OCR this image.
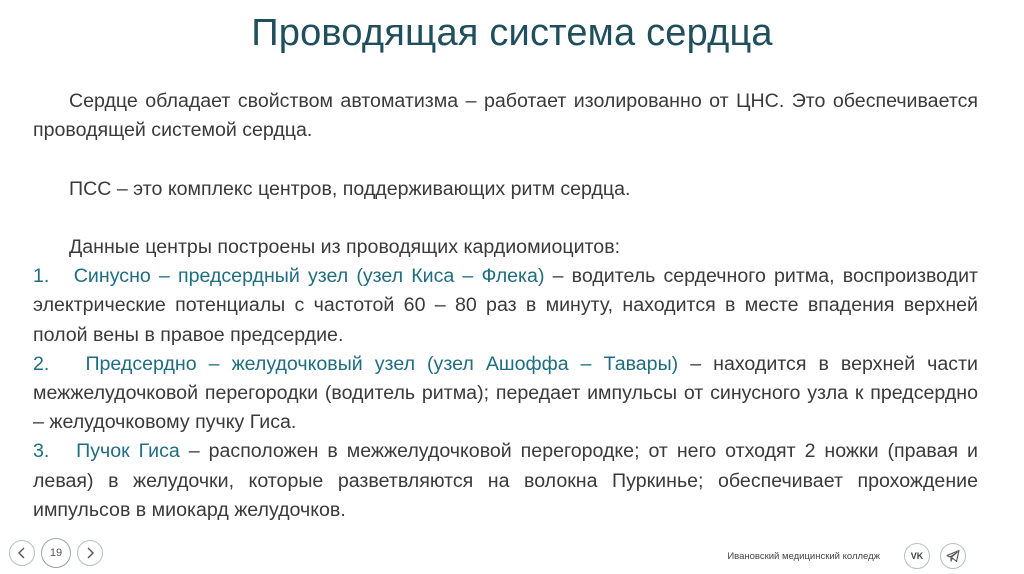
Проводящая система сердца

Сердце обладает свойством автоматизма – работает изолированно от ЦНС. Это обеспечивается проводящей системой сердца.

ПСС – это комплекс центров, поддерживающих ритм сердца.

Данные центры построены из проводящих кардиомиоцитов:

1. Синусно – предсердный узел (узел Киса – Флека) – водитель сердечного ритма, воспроизводит электрические потенциалы с частотой 60 – 80 раз в минуту, находится в месте впадения верхней полой вены в правое предсердие.

2. Предсердно – желудочковый узел (узел Ашоффа – Тавары) – находится в верхней части межжелудочковой перегородки (водитель ритма); передает импульсы от синусного узла к предсердно – желудочковому пучку Гиса.

3. Пучок Гиса – расположен в межжелудочковой перегородке; от него отходят 2 ножки (правая и левая) в желудочки, которые разветвляются на волокна Пуркинье; обеспечивает прохождение импульсов в миокард желудочков.

19	Ивановский медицинский колледж	VK
